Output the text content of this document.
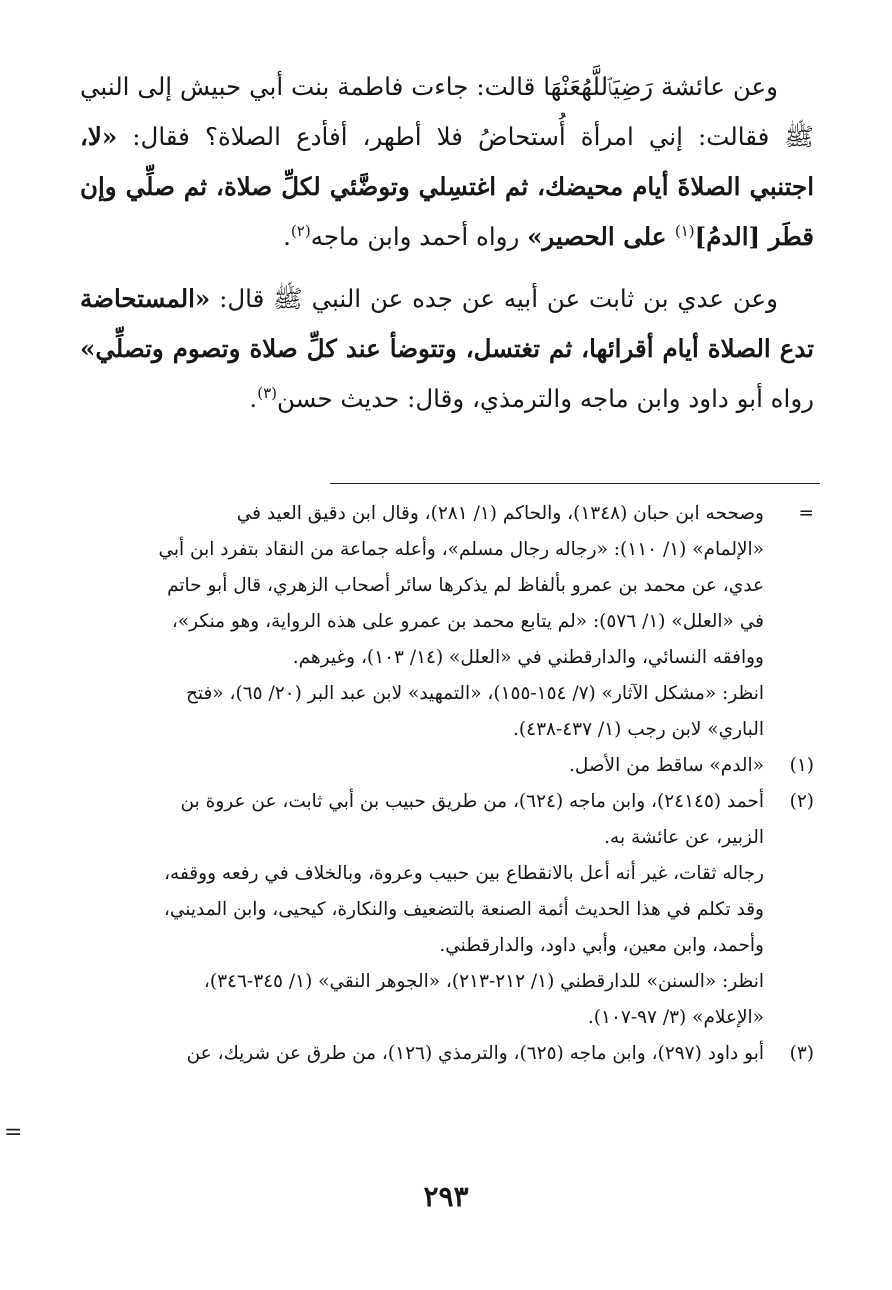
وعن عائشة رَضِيَٱللَّهُعَنْهَا قالت: جاءت فاطمة بنت أبي حبيش إلى النبي ﷺ فقالت: إني امرأة أُستحاضُ فلا أطهر، أفأدع الصلاة؟ فقال: «لا، اجتنبي الصلاةَ أيام محيضك، ثم اغتسِلي وتوضَّئي لكلِّ صلاة، ثم صلِّي وإن قطَر [الدمُ]$^{(١)}$ على الحصير» رواه أحمد وابن ماجه$^{(٢)}$.

وعن عدي بن ثابت عن أبيه عن جده عن النبي ﷺ قال: «المستحاضة تدع الصلاة أيام أقرائها، ثم تغتسل، وتتوضأ عند كلِّ صلاة وتصوم وتصلِّي» رواه أبو داود وابن ماجه والترمذي، وقال: حديث حسن$^{(٣)}$.

=
وصححه ابن حبان (١٣٤٨)، والحاكم (١/ ٢٨١)، وقال ابن دقيق العيد في
«الإلمام» (١/ ١١٠): «رجاله رجال مسلم»، وأعله جماعة من النقاد بتفرد ابن أبي
عدي، عن محمد بن عمرو بألفاظ لم يذكرها سائر أصحاب الزهري، قال أبو حاتم
في «العلل» (١/ ٥٧٦): «لم يتابع محمد بن عمرو على هذه الرواية، وهو منكر»،
ووافقه النسائي، والدارقطني في «العلل» (١٤/ ١٠٣)، وغيرهم.
انظر: «مشكل الآثار» (٧/ ١٥٤-١٥٥)، «التمهيد» لابن عبد البر (٢٠/ ٦٥)، «فتح
الباري» لابن رجب (١/ ٤٣٧-٤٣٨).
(١)
«الدم» ساقط من الأصل.
(٢)
أحمد (٢٤١٤٥)، وابن ماجه (٦٢٤)، من طريق حبيب بن أبي ثابت، عن عروة بن
الزبير، عن عائشة به.
رجاله ثقات، غير أنه أعل بالانقطاع بين حبيب وعروة، وبالخلاف في رفعه ووقفه،
وقد تكلم في هذا الحديث أئمة الصنعة بالتضعيف والنكارة، كيحيى، وابن المديني،
وأحمد، وابن معين، وأبي داود، والدارقطني.
انظر: «السنن» للدارقطني (١/ ٢١٢-٢١٣)، «الجوهر النقي» (١/ ٣٤٥-٣٤٦)،
«الإعلام» (٣/ ٩٧-١٠٧).
(٣)
أبو داود (٢٩٧)، وابن ماجه (٦٢٥)، والترمذي (١٢٦)، من طرق عن شريك، عن
=
٢٩٣
